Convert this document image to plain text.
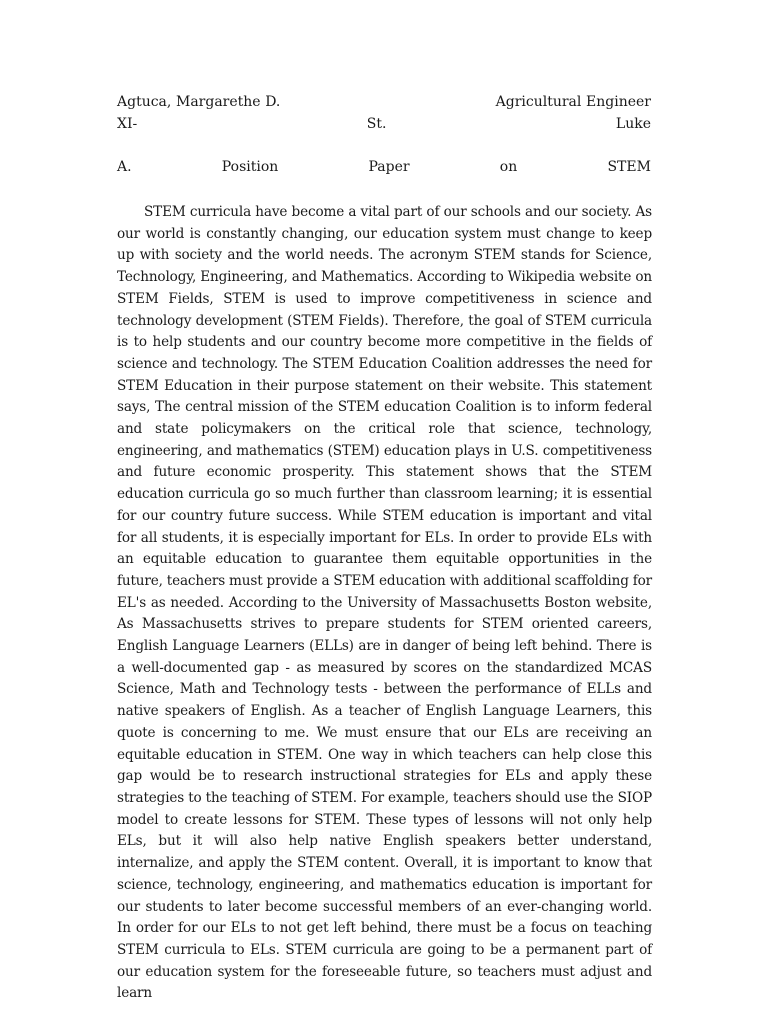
Agtuca, Margarethe D.	Agricultural Engineer
XI-	St.	Luke
A.	Position	Paper	on	STEM

STEM curricula have become a vital part of our schools and our society. As our world is constantly changing, our education system must change to keep up with society and the world needs. The acronym STEM stands for Science, Technology, Engineering, and Mathematics. According to Wikipedia website on STEM Fields, STEM is used to improve competitiveness in science and technology development (STEM Fields). Therefore, the goal of STEM curricula is to help students and our country become more competitive in the fields of science and technology. The STEM Education Coalition addresses the need for STEM Education in their purpose statement on their website. This statement says, The central mission of the STEM education Coalition is to inform federal and state policymakers on the critical role that science, technology, engineering, and mathematics (STEM) education plays in U.S. competitiveness and future economic prosperity. This statement shows that the STEM education curricula go so much further than classroom learning; it is essential for our country future success. While STEM education is important and vital for all students, it is especially important for ELs. In order to provide ELs with an equitable education to guarantee them equitable opportunities in the future, teachers must provide a STEM education with additional scaffolding for EL's as needed. According to the University of Massachusetts Boston website, As Massachusetts strives to prepare students for STEM oriented careers, English Language Learners (ELLs) are in danger of being left behind. There is a well-documented gap - as measured by scores on the standardized MCAS Science, Math and Technology tests - between the performance of ELLs and native speakers of English. As a teacher of English Language Learners, this quote is concerning to me. We must ensure that our ELs are receiving an equitable education in STEM. One way in which teachers can help close this gap would be to research instructional strategies for ELs and apply these strategies to the teaching of STEM. For example, teachers should use the SIOP model to create lessons for STEM. These types of lessons will not only help ELs, but it will also help native English speakers better understand, internalize, and apply the STEM content. Overall, it is important to know that science, technology, engineering, and mathematics education is important for our students to later become successful members of an ever-changing world. In order for our ELs to not get left behind, there must be a focus on teaching STEM curricula to ELs. STEM curricula are going to be a permanent part of our education system for the foreseeable future, so teachers must adjust and learn
